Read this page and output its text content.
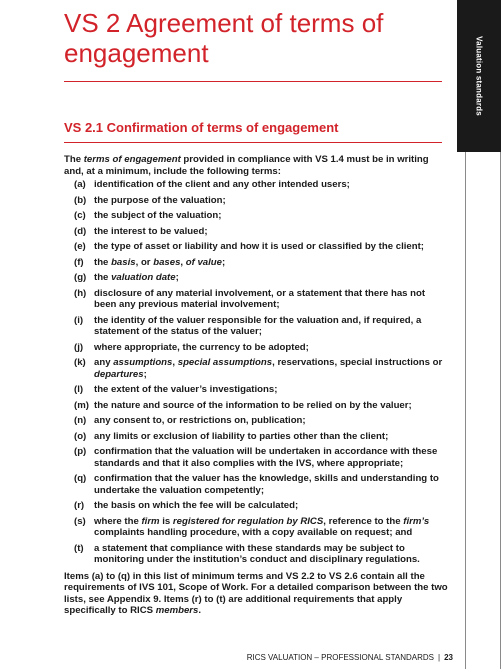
Valuation standards
VS 2 Agreement of terms of engagement
VS 2.1 Confirmation of terms of engagement

The terms of engagement provided in compliance with VS 1.4 must be in writing and, at a minimum, include the following terms:

(a) identification of the client and any other intended users;
(b) the purpose of the valuation;
(c) the subject of the valuation;
(d) the interest to be valued;
(e) the type of asset or liability and how it is used or classified by the client;
(f) the basis, or bases, of value;
(g) the valuation date;
(h) disclosure of any material involvement, or a statement that there has not been any previous material involvement;
(i) the identity of the valuer responsible for the valuation and, if required, a statement of the status of the valuer;
(j) where appropriate, the currency to be adopted;
(k) any assumptions, special assumptions, reservations, special instructions or departures;
(l) the extent of the valuer’s investigations;
(m) the nature and source of the information to be relied on by the valuer;
(n) any consent to, or restrictions on, publication;
(o) any limits or exclusion of liability to parties other than the client;
(p) confirmation that the valuation will be undertaken in accordance with these standards and that it also complies with the IVS, where appropriate;
(q) confirmation that the valuer has the knowledge, skills and understanding to undertake the valuation competently;
(r) the basis on which the fee will be calculated;
(s) where the firm is registered for regulation by RICS, reference to the firm’s complaints handling procedure, with a copy available on request; and
(t) a statement that compliance with these standards may be subject to monitoring under the institution’s conduct and disciplinary regulations.

Items (a) to (q) in this list of minimum terms and VS 2.2 to VS 2.6 contain all the requirements of IVS 101, Scope of Work. For a detailed comparison between the two lists, see Appendix 9. Items (r) to (t) are additional requirements that apply specifically to RICS members.

RICS VALUATION – PROFESSIONAL STANDARDS | 23
